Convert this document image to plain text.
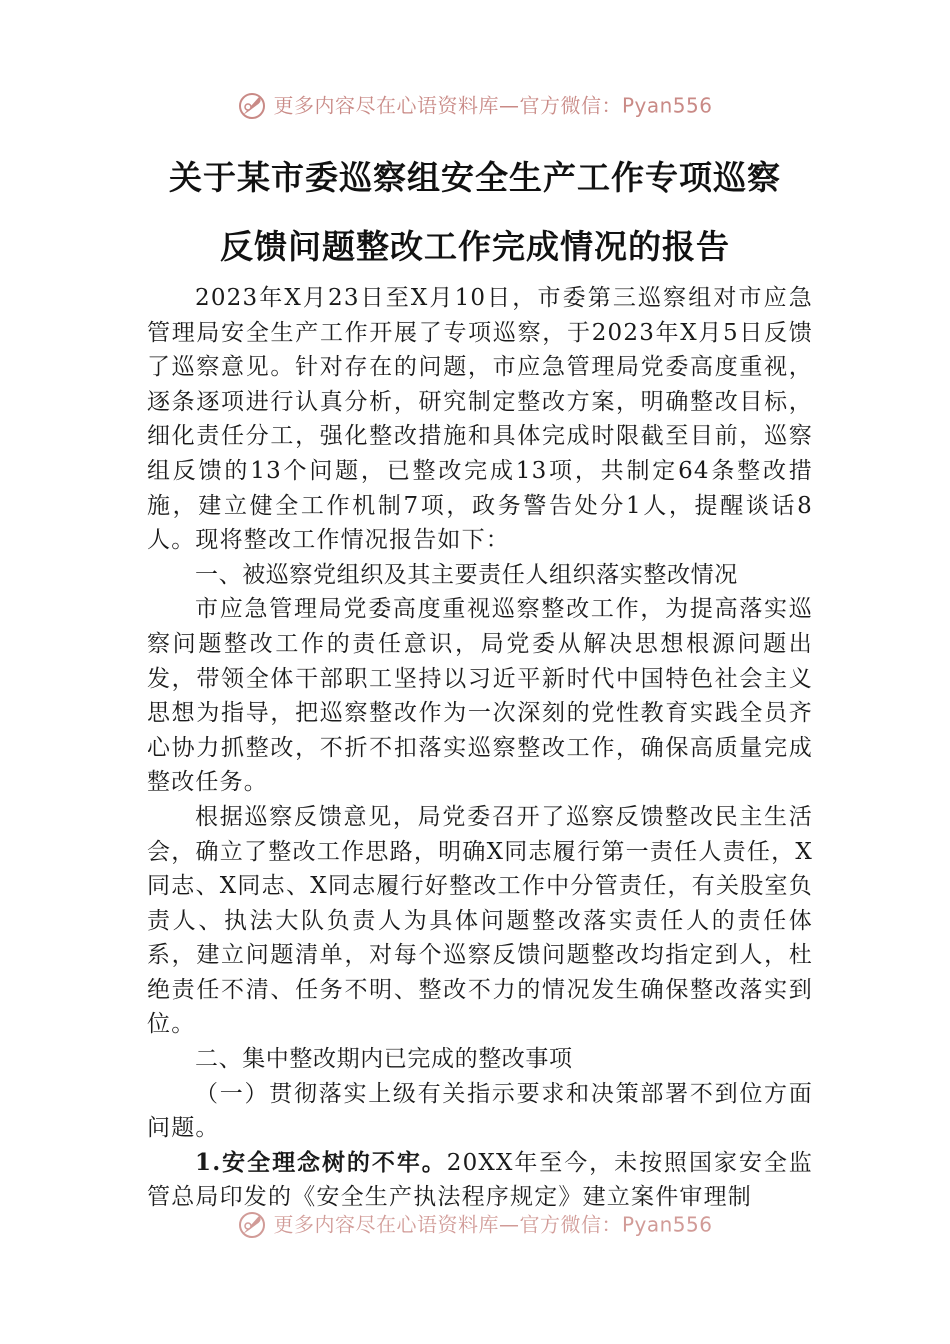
更多内容尽在心语资料库—官方微信：Pyan556
关于某市委巡察组安全生产工作专项巡察
反馈问题整改工作完成情况的报告

2023年X月23日至X月10日，市委第三巡察组对市应急管理局安全生产工作开展了专项巡察，于2023年X月5日反馈了巡察意见。针对存在的问题，市应急管理局党委高度重视，逐条逐项进行认真分析，研究制定整改方案，明确整改目标，细化责任分工，强化整改措施和具体完成时限截至目前，巡察组反馈的13个问题，已整改完成13项，共制定64条整改措施，建立健全工作机制7项，政务警告处分1人，提醒谈话8人。现将整改工作情况报告如下：

一、被巡察党组织及其主要责任人组织落实整改情况

市应急管理局党委高度重视巡察整改工作，为提高落实巡察问题整改工作的责任意识，局党委从解决思想根源问题出发，带领全体干部职工坚持以习近平新时代中国特色社会主义思想为指导，把巡察整改作为一次深刻的党性教育实践全员齐心协力抓整改，不折不扣落实巡察整改工作，确保高质量完成整改任务。

根据巡察反馈意见，局党委召开了巡察反馈整改民主生活会，确立了整改工作思路，明确X同志履行第一责任人责任，X同志、X同志、X同志履行好整改工作中分管责任，有关股室负责人、执法大队负责人为具体问题整改落实责任人的责任体系，建立问题清单，对每个巡察反馈问题整改均指定到人，杜绝责任不清、任务不明、整改不力的情况发生确保整改落实到位。

二、集中整改期内已完成的整改事项

（一）贯彻落实上级有关指示要求和决策部署不到位方面问题。

1.安全理念树的不牢。20XX年至今，未按照国家安全监管总局印发的《安全生产执法程序规定》建立案件审理制

更多内容尽在心语资料库—官方微信：Pyan556
